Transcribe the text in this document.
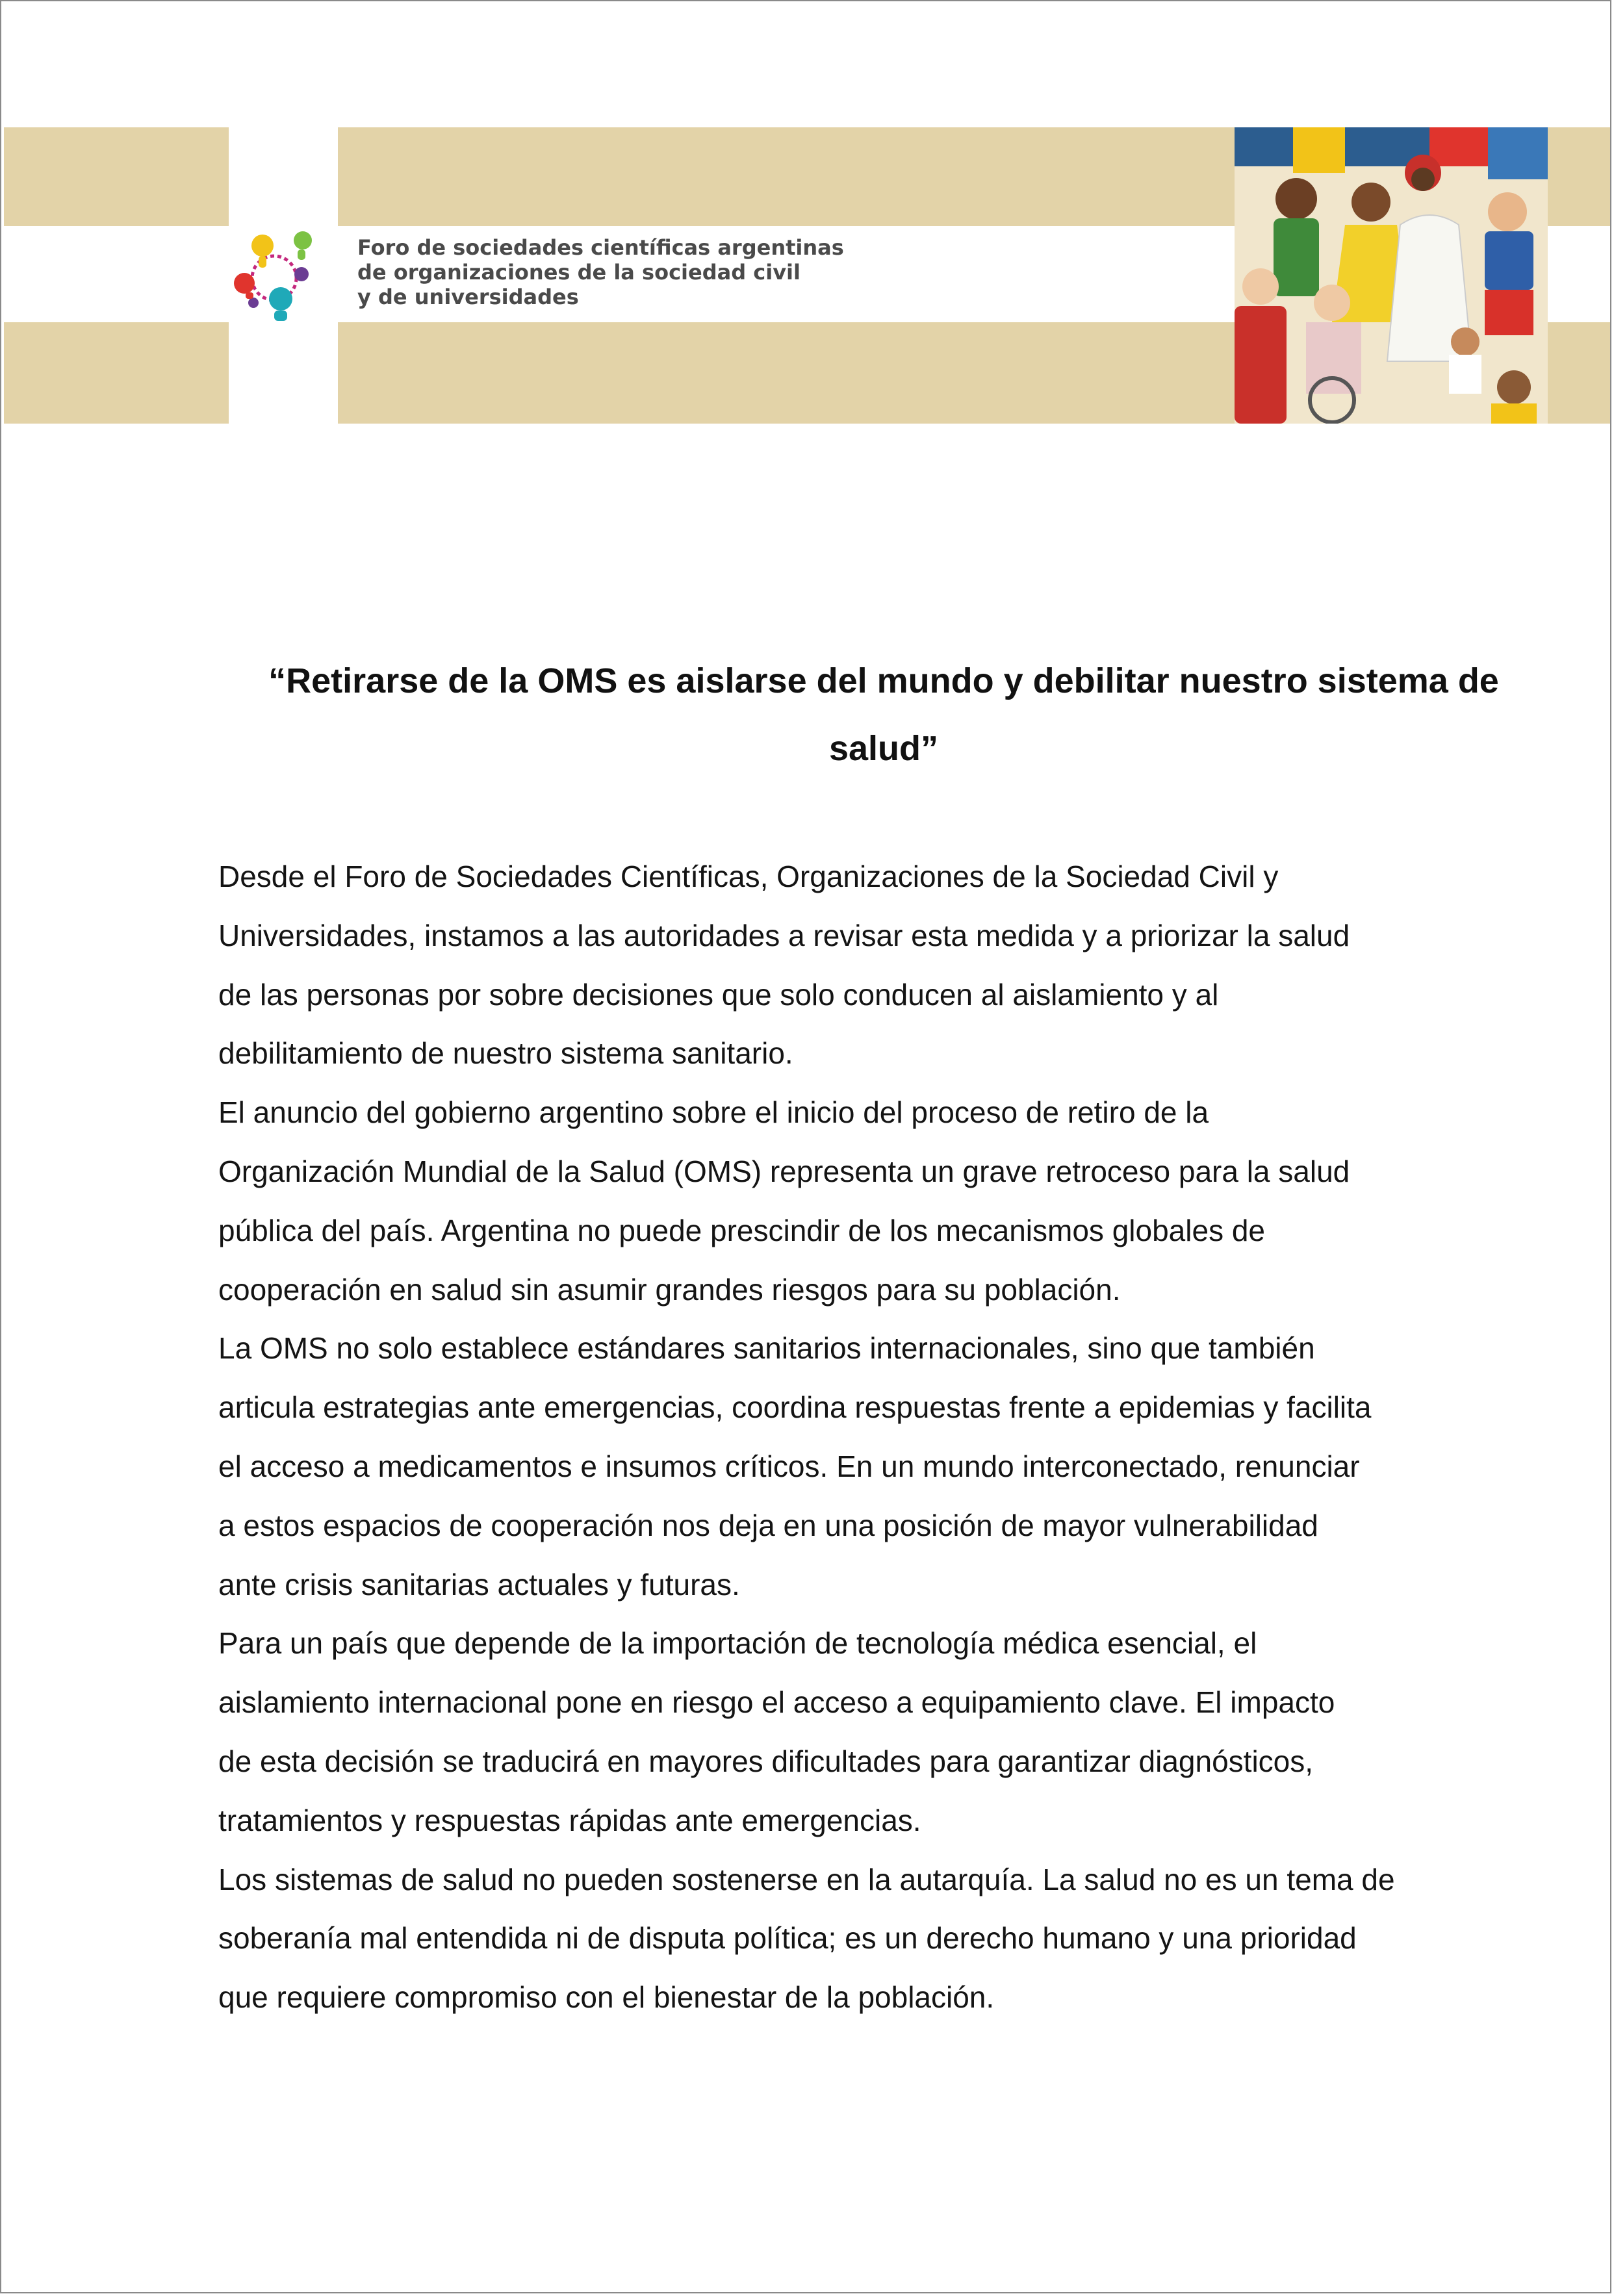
Foro de sociedades científicas argentinas
de organizaciones de la sociedad civil
y de universidades
“Retirarse de la OMS es aislarse del mundo y debilitar nuestro sistema de
salud”
Desde el Foro de Sociedades Científicas, Organizaciones de la Sociedad Civil y
Universidades, instamos a las autoridades a revisar esta medida y a priorizar la salud
de las personas por sobre decisiones que solo conducen al aislamiento y al
debilitamiento de nuestro sistema sanitario.
El anuncio del gobierno argentino sobre el inicio del proceso de retiro de la
Organización Mundial de la Salud (OMS) representa un grave retroceso para la salud
pública del país. Argentina no puede prescindir de los mecanismos globales de
cooperación en salud sin asumir grandes riesgos para su población.
La OMS no solo establece estándares sanitarios internacionales, sino que también
articula estrategias ante emergencias, coordina respuestas frente a epidemias y facilita
el acceso a medicamentos e insumos críticos. En un mundo interconectado, renunciar
a estos espacios de cooperación nos deja en una posición de mayor vulnerabilidad
ante crisis sanitarias actuales y futuras.
Para un país que depende de la importación de tecnología médica esencial, el
aislamiento internacional pone en riesgo el acceso a equipamiento clave. El impacto
de esta decisión se traducirá en mayores dificultades para garantizar diagnósticos,
tratamientos y respuestas rápidas ante emergencias.
Los sistemas de salud no pueden sostenerse en la autarquía. La salud no es un tema de
soberanía mal entendida ni de disputa política; es un derecho humano y una prioridad
que requiere compromiso con el bienestar de la población.
